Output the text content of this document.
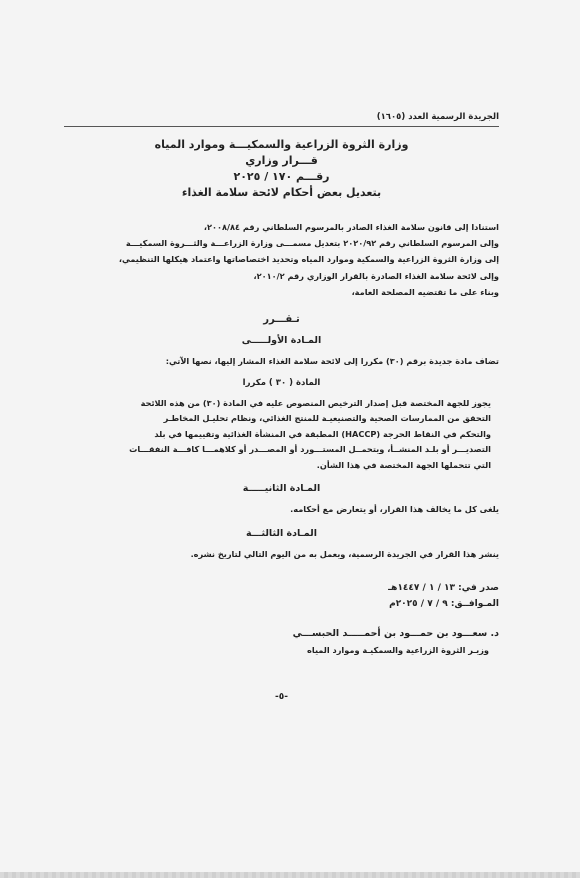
الجريدة الرسمية العدد (١٦٠٥)
وزارة الثروة الزراعية والسمكيـــة وموارد المياه
قـــرار وزاري
رقـــم ١٧٠ / ٢٠٢٥
بتعديل بعض أحكام لائحة سلامة الغذاء

استنادا إلى قانون سلامة الغذاء الصادر بالمرسوم السلطاني رقم ٢٠٠٨/٨٤،

وإلى المرسوم السلطاني رقم ٢٠٢٠/٩٢ بتعديل مسمـــى وزارة الزراعـــة والثـــروة السمكيـــة

إلى وزارة الثروة الزراعية والسمكية وموارد المياه وتحديد اختصاصاتها واعتماد هيكلها التنظيمي،

وإلى لائحة سلامة الغذاء الصادرة بالقرار الوزاري رقم ٢٠١٠/٢،

وبناء على ما تقتضيه المصلحة العامة،

تـقـــرر
المـادة الأولـــــى
تضاف مادة جديدة برقم (٣٠) مكررا إلى لائحة سلامة الغذاء المشار إليها، نصها الآتي:
المادة ( ٣٠ ) مكررا

يجوز للجهة المختصة قبل إصدار الترخيص المنصوص عليه في المادة (٣٠) من هذه اللائحة

التحقق من الممارسات الصحية والتصنيعيـة للمنتج الغذائي، ونظام تحليـل المخاطـر

والتحكم في النقاط الحرجة (HACCP) المطبقة في المنشأة الغذائية وتقييمها في بلد

التصديـــر أو بلـد المنشــأ، ويتحمــل المستـــورد أو المصـــدر أو كلاهمـــا كافـــة النفقـــات

التي تتحملها الجهة المختصة في هذا الشأن.

المـادة الثانيـــــة
يلغى كل ما يخالف هذا القرار، أو يتعارض مع أحكامه.
المـادة الثالثـــة
ينشر هذا القرار في الجريدة الرسمية، ويعمل به من اليوم التالي لتاريخ نشره.
صدر في: ١٣ / ١ / ١٤٤٧هـ
المـوافــق: ٩ / ٧ / ٢٠٢٥م
د. سعـــود بن حمـــود بن أحمـــــد الحبســـي
وزيـر الثروة الزراعية والسمكيـة وموارد المياه
-٥-
